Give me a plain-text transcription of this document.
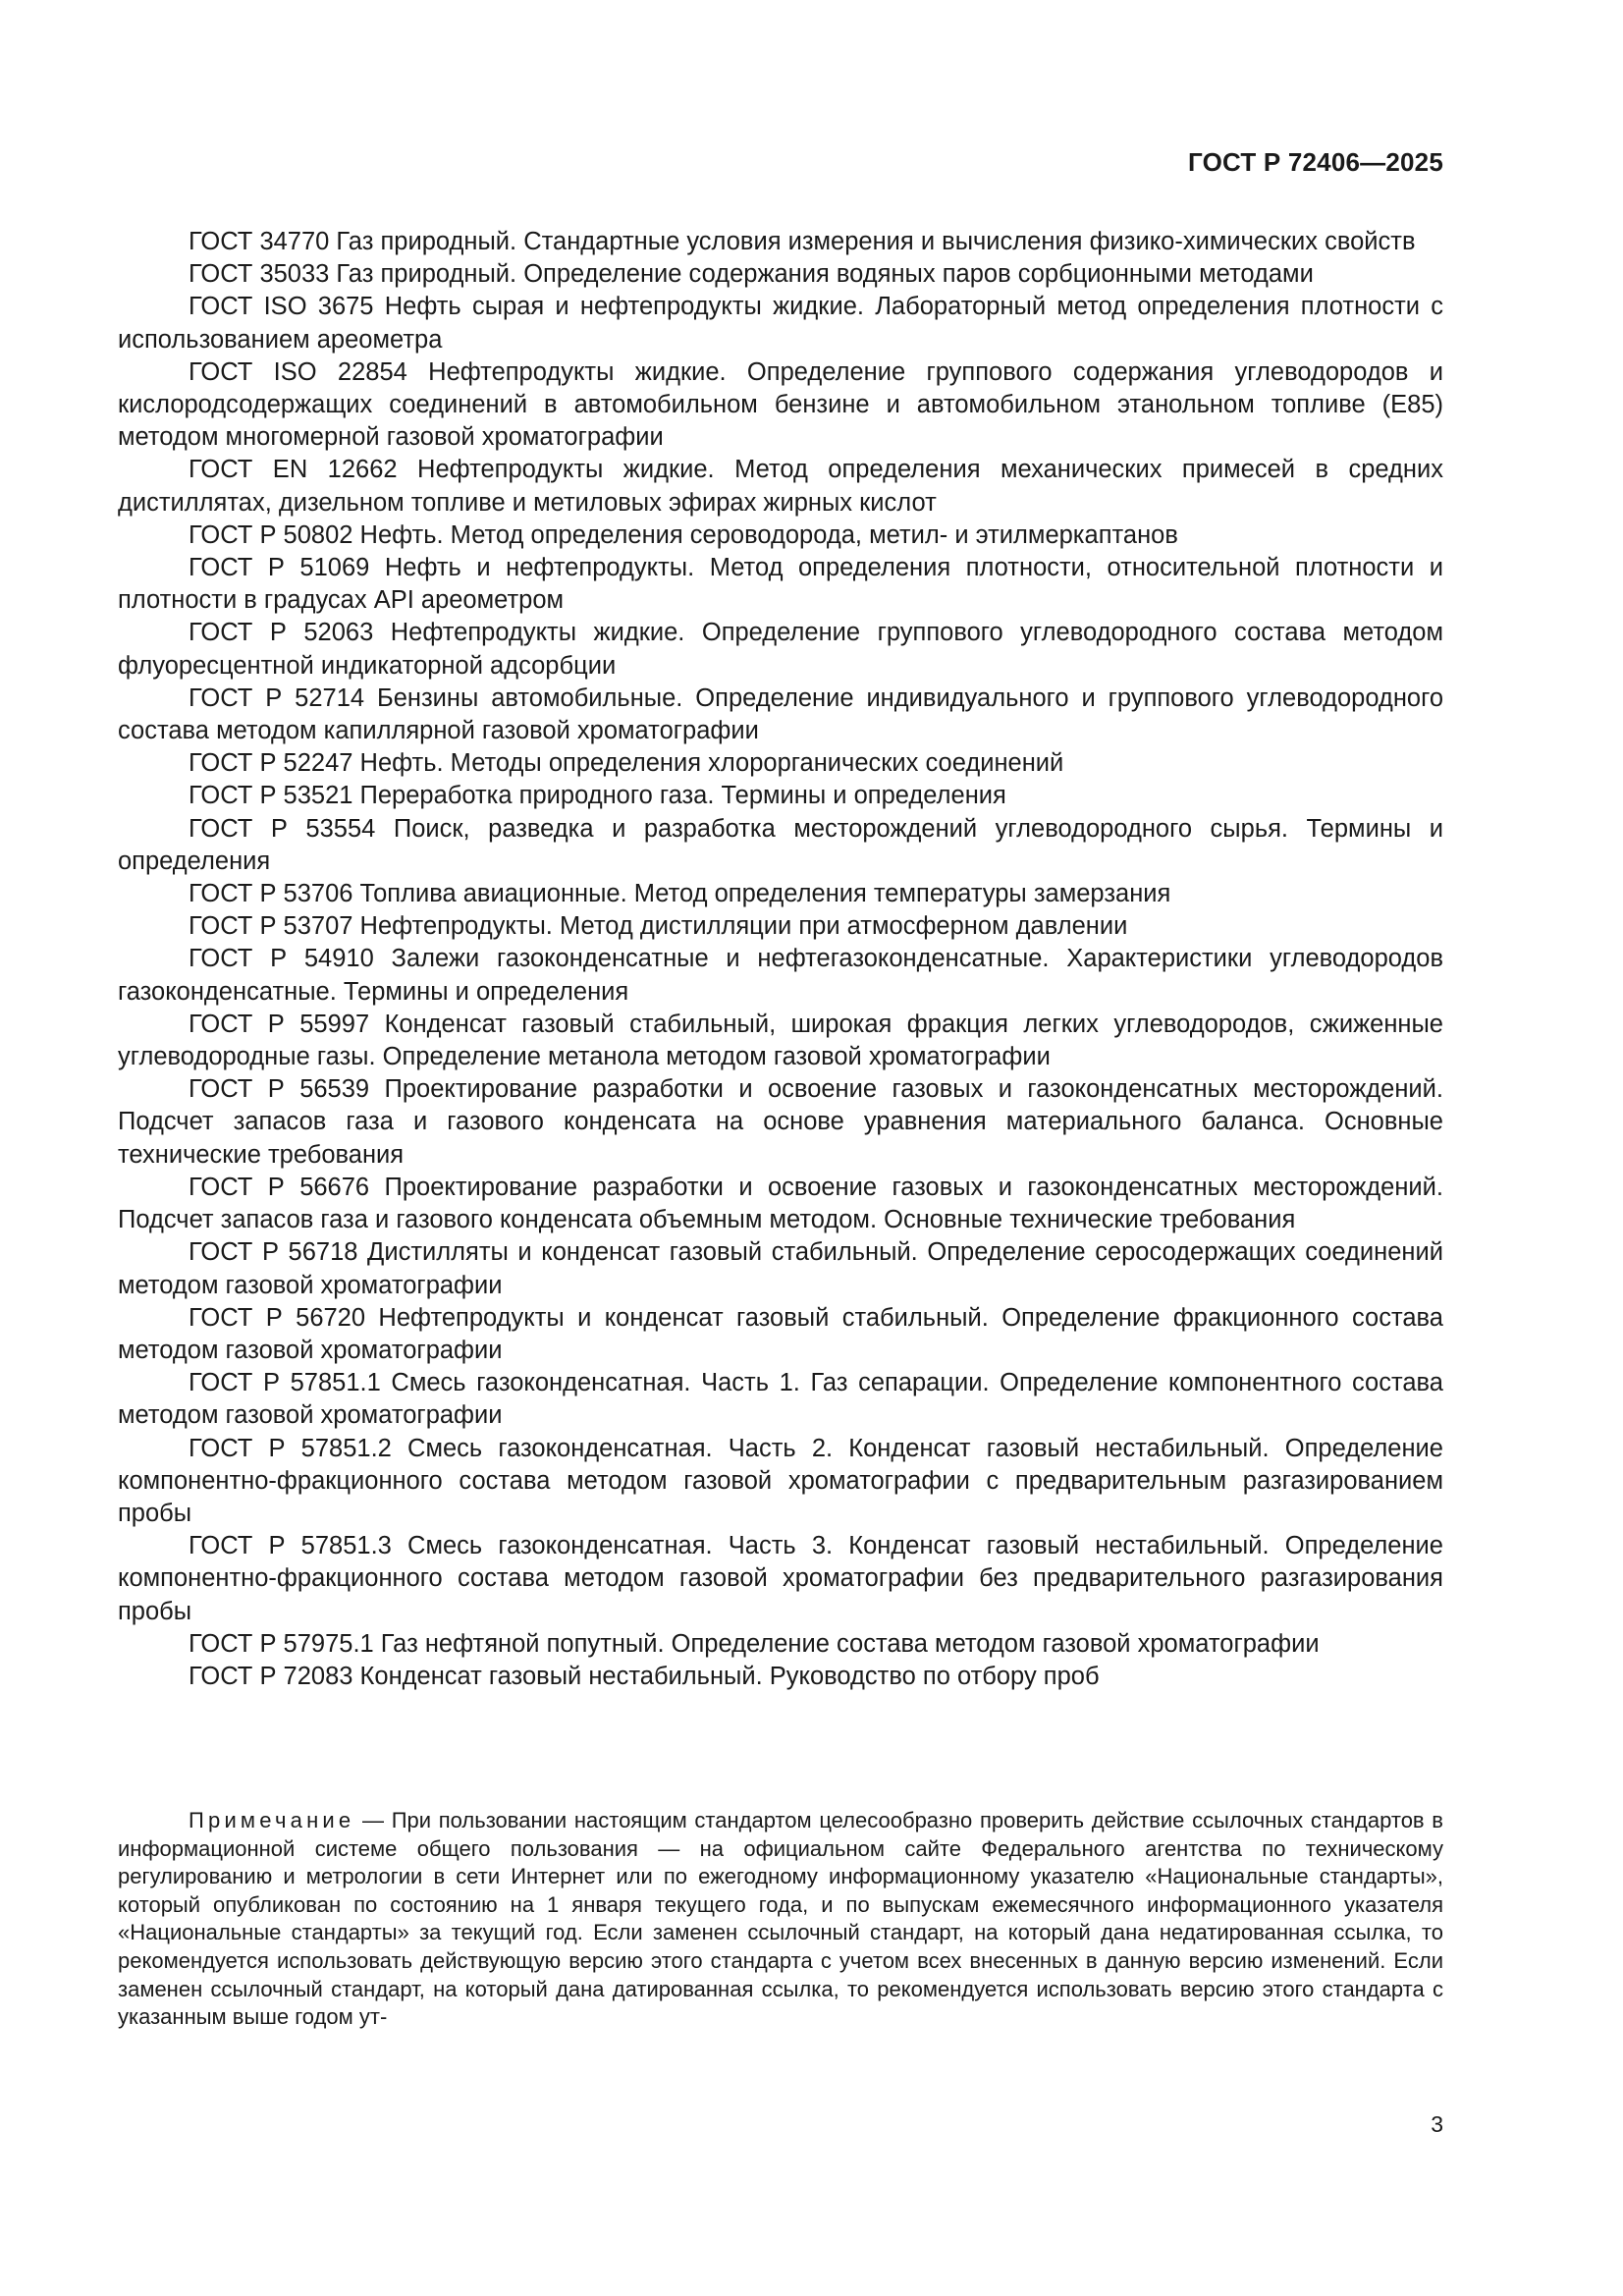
ГОСТ Р 72406—2025

ГОСТ 34770 Газ природный. Стандартные условия измерения и вычисления физико-химических свойств

ГОСТ 35033 Газ природный. Определение содержания водяных паров сорбционными методами

ГОСТ ISO 3675 Нефть сырая и нефтепродукты жидкие. Лабораторный метод определения плотности с использованием ареометра

ГОСТ ISO 22854 Нефтепродукты жидкие. Определение группового содержания углеводородов и кислородсодержащих соединений в автомобильном бензине и автомобильном этанольном топливе (Е85) методом многомерной газовой хроматографии

ГОСТ EN 12662 Нефтепродукты жидкие. Метод определения механических примесей в средних дистиллятах, дизельном топливе и метиловых эфирах жирных кислот

ГОСТ Р 50802 Нефть. Метод определения сероводорода, метил- и этилмеркаптанов

ГОСТ Р 51069 Нефть и нефтепродукты. Метод определения плотности, относительной плотности и плотности в градусах API ареометром

ГОСТ Р 52063 Нефтепродукты жидкие. Определение группового углеводородного состава методом флуоресцентной индикаторной адсорбции

ГОСТ Р 52714 Бензины автомобильные. Определение индивидуального и группового углеводородного состава методом капиллярной газовой хроматографии

ГОСТ Р 52247 Нефть. Методы определения хлорорганических соединений

ГОСТ Р 53521 Переработка природного газа. Термины и определения

ГОСТ Р 53554 Поиск, разведка и разработка месторождений углеводородного сырья. Термины и определения

ГОСТ Р 53706 Топлива авиационные. Метод определения температуры замерзания

ГОСТ Р 53707 Нефтепродукты. Метод дистилляции при атмосферном давлении

ГОСТ Р 54910 Залежи газоконденсатные и нефтегазоконденсатные. Характеристики углеводородов газоконденсатные. Термины и определения

ГОСТ Р 55997 Конденсат газовый стабильный, широкая фракция легких углеводородов, сжиженные углеводородные газы. Определение метанола методом газовой хроматографии

ГОСТ Р 56539 Проектирование разработки и освоение газовых и газоконденсатных месторождений. Подсчет запасов газа и газового конденсата на основе уравнения материального баланса. Основные технические требования

ГОСТ Р 56676 Проектирование разработки и освоение газовых и газоконденсатных месторождений. Подсчет запасов газа и газового конденсата объемным методом. Основные технические требования

ГОСТ Р 56718 Дистилляты и конденсат газовый стабильный. Определение серосодержащих соединений методом газовой хроматографии

ГОСТ Р 56720 Нефтепродукты и конденсат газовый стабильный. Определение фракционного состава методом газовой хроматографии

ГОСТ Р 57851.1 Смесь газоконденсатная. Часть 1. Газ сепарации. Определение компонентного состава методом газовой хроматографии

ГОСТ Р 57851.2 Смесь газоконденсатная. Часть 2. Конденсат газовый нестабильный. Определение компонентно-фракционного состава методом газовой хроматографии с предварительным разгазированием пробы

ГОСТ Р 57851.3 Смесь газоконденсатная. Часть 3. Конденсат газовый нестабильный. Определение компонентно-фракционного состава методом газовой хроматографии без предварительного разгазирования пробы

ГОСТ Р 57975.1 Газ нефтяной попутный. Определение состава методом газовой хроматографии

ГОСТ Р 72083 Конденсат газовый нестабильный. Руководство по отбору проб

Примечание — При пользовании настоящим стандартом целесообразно проверить действие ссылочных стандартов в информационной системе общего пользования — на официальном сайте Федерального агентства по техническому регулированию и метрологии в сети Интернет или по ежегодному информационному указателю «Национальные стандарты», который опубликован по состоянию на 1 января текущего года, и по выпускам ежемесячного информационного указателя «Национальные стандарты» за текущий год. Если заменен ссылочный стандарт, на который дана недатированная ссылка, то рекомендуется использовать действующую версию этого стандарта с учетом всех внесенных в данную версию изменений. Если заменен ссылочный стандарт, на который дана датированная ссылка, то рекомендуется использовать версию этого стандарта с указанным выше годом ут-
3
